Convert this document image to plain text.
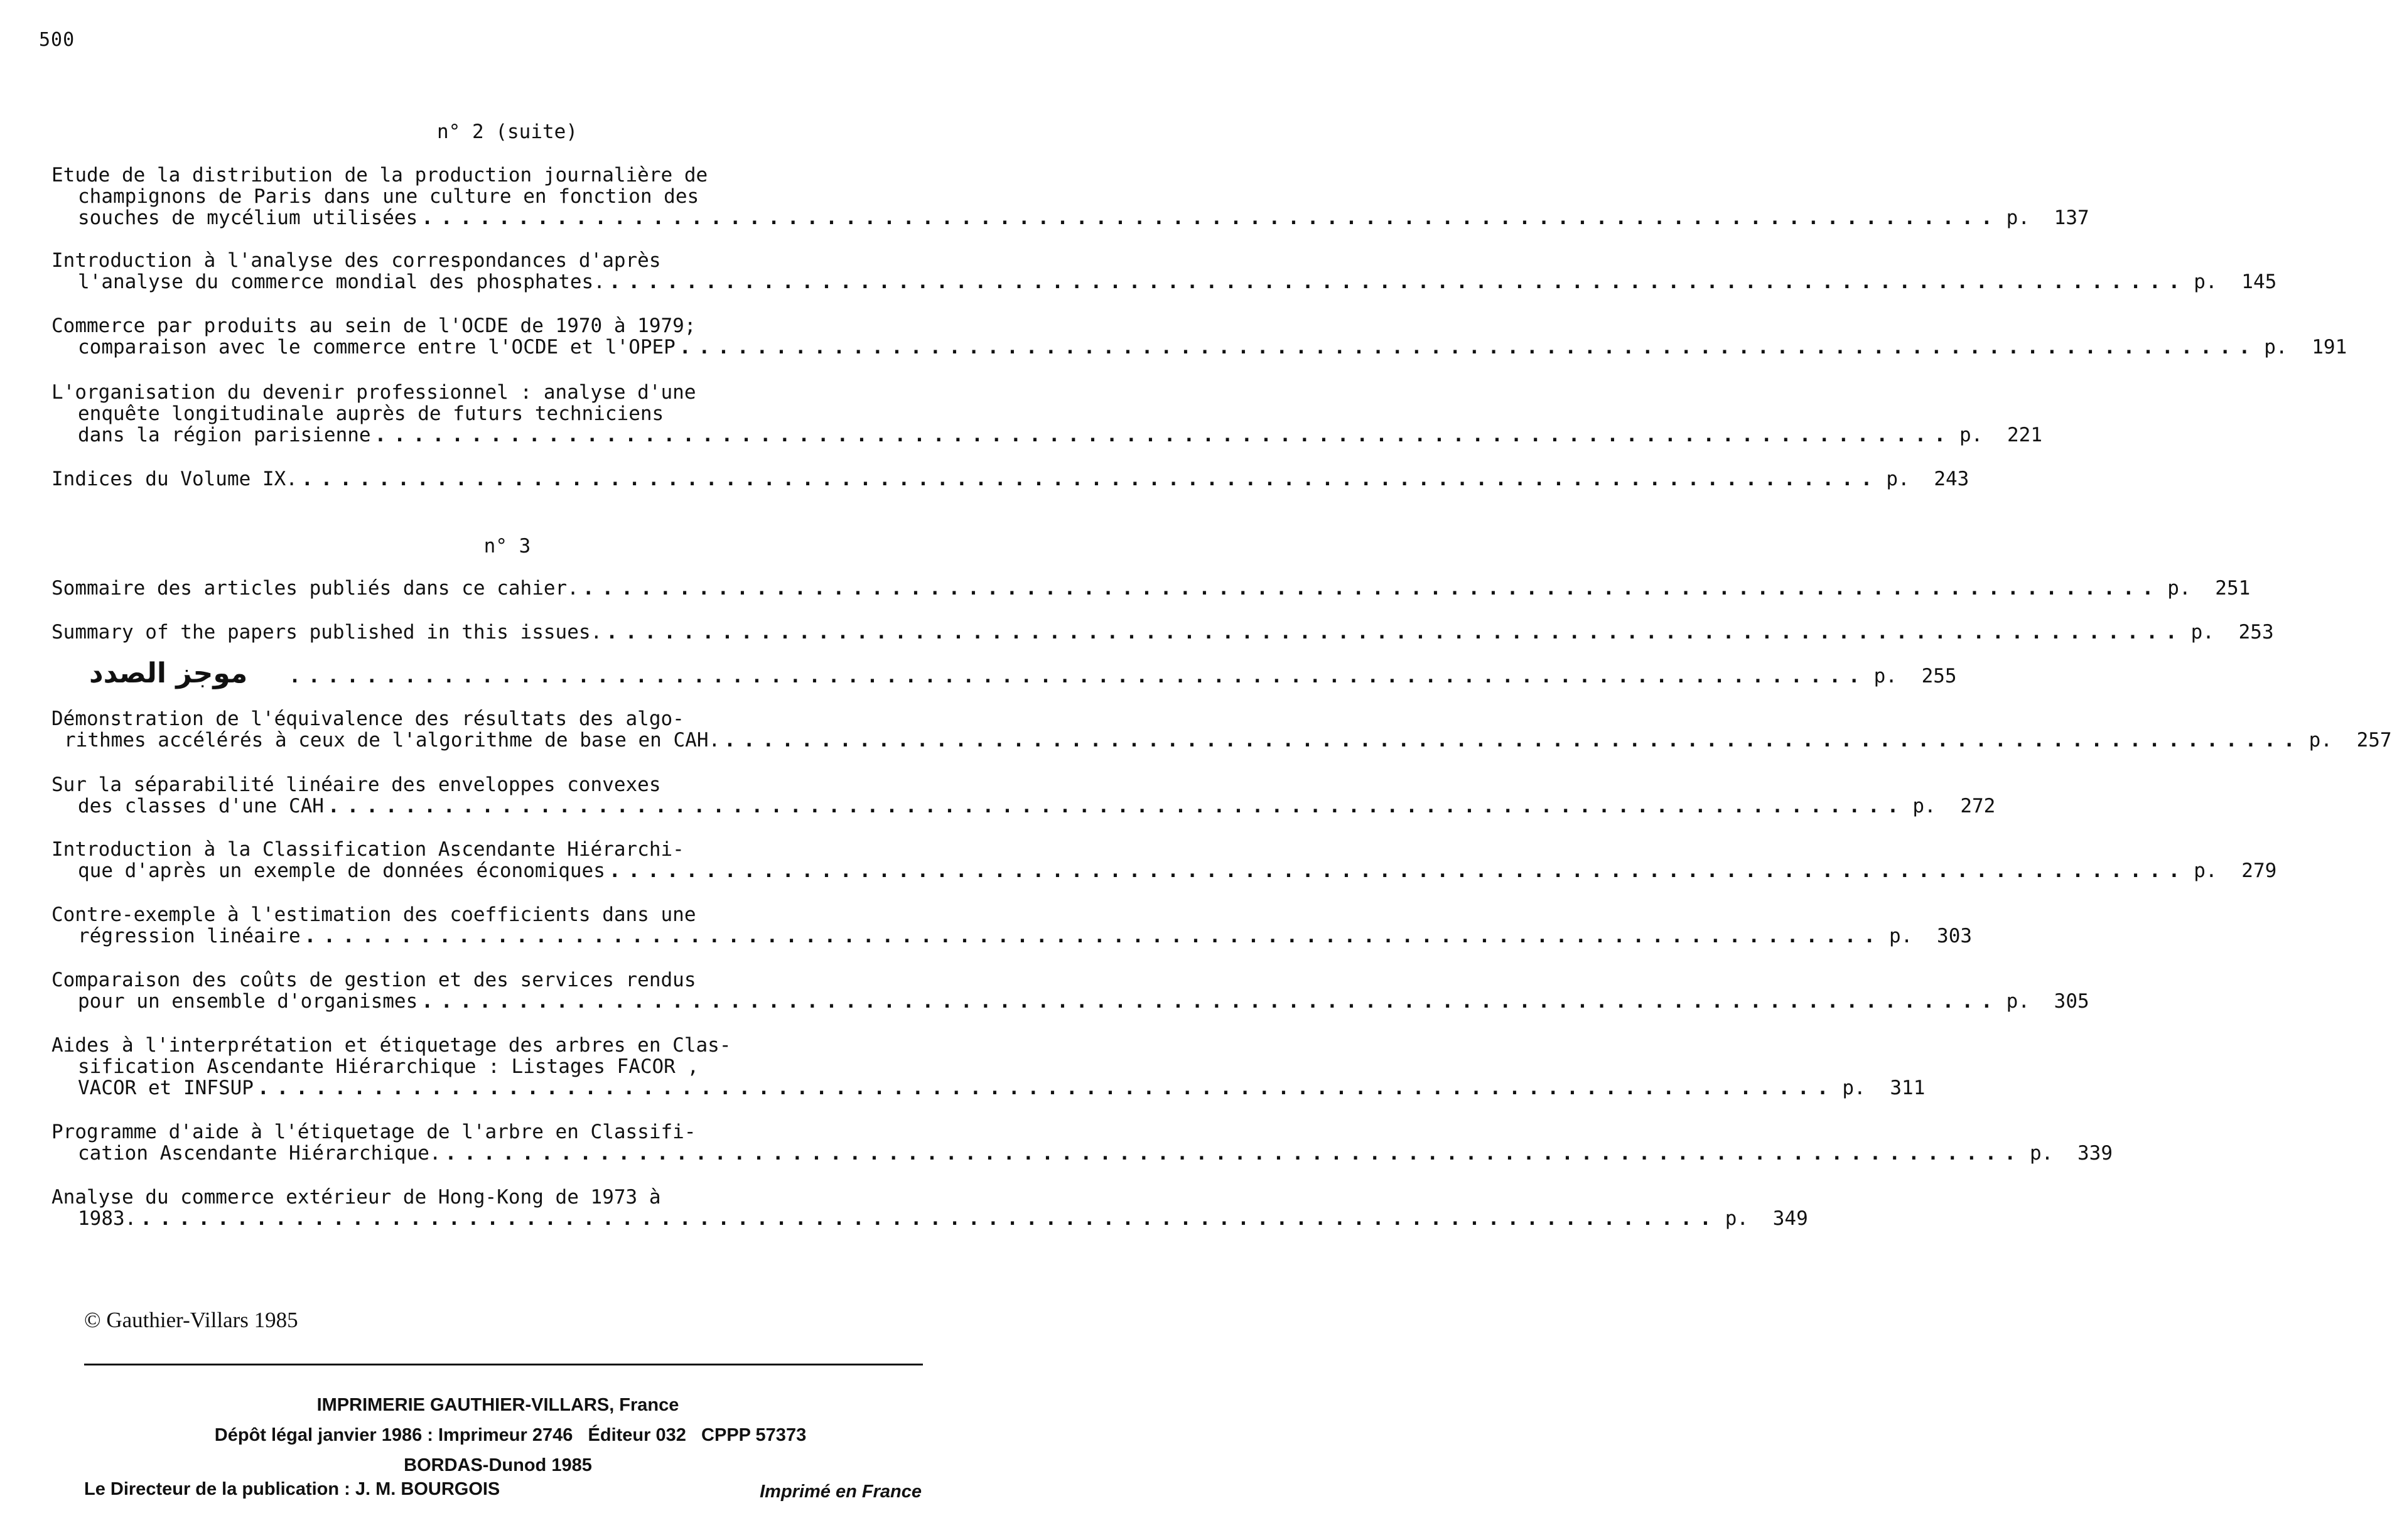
500
n° 2 (suite)
Etude de la distribution de la production journalière de
champignons de Paris dans une culture en fonction des
souches de mycélium utilisées .................................................................................. p.	137
Introduction à l'analyse des correspondances d'après
l'analyse du commerce mondial des phosphates. .................................................................................. p.	145
Commerce par produits au sein de l'OCDE de 1970 à 1979;
comparaison avec le commerce entre l'OCDE et l'OPEP .................................................................................. p.	191
L'organisation du devenir professionnel : analyse d'une
enquête longitudinale auprès de futurs techniciens
dans la région parisienne .................................................................................. p.	221
Indices du Volume IX. .................................................................................. p.	243
n° 3
Sommaire des articles publiés dans ce cahier. .................................................................................. p.	251
Summary of the papers published in this issues. .................................................................................. p.	253
موجز الصدد .................................................................................. p.	255
Démonstration de l'équivalence des résultats des algo-
rithmes accélérés à ceux de l'algorithme de base en CAH. .................................................................................. p.	257
Sur la séparabilité linéaire des enveloppes convexes
des classes d'une CAH .................................................................................. p.	272
Introduction à la Classification Ascendante Hiérarchi-
que d'après un exemple de données économiques .................................................................................. p.	279
Contre-exemple à l'estimation des coefficients dans une
régression linéaire .................................................................................. p.	303
Comparaison des coûts de gestion et des services rendus
pour un ensemble d'organismes .................................................................................. p.	305
Aides à l'interprétation et étiquetage des arbres en Clas-
sification Ascendante Hiérarchique : Listages FACOR ,
VACOR et INFSUP .................................................................................. p.	311
Programme d'aide à l'étiquetage de l'arbre en Classifi-
cation Ascendante Hiérarchique. .................................................................................. p.	339
Analyse du commerce extérieur de Hong-Kong de 1973 à
1983. .................................................................................. p.	349
© Gauthier-Villars 1985
IMPRIMERIE GAUTHIER-VILLARS, France
Dépôt légal janvier 1986 : Imprimeur 2746   Éditeur 032   CPPP 57373
BORDAS-Dunod 1985
Le Directeur de la publication : J. M. BOURGOIS	Imprimé en France
